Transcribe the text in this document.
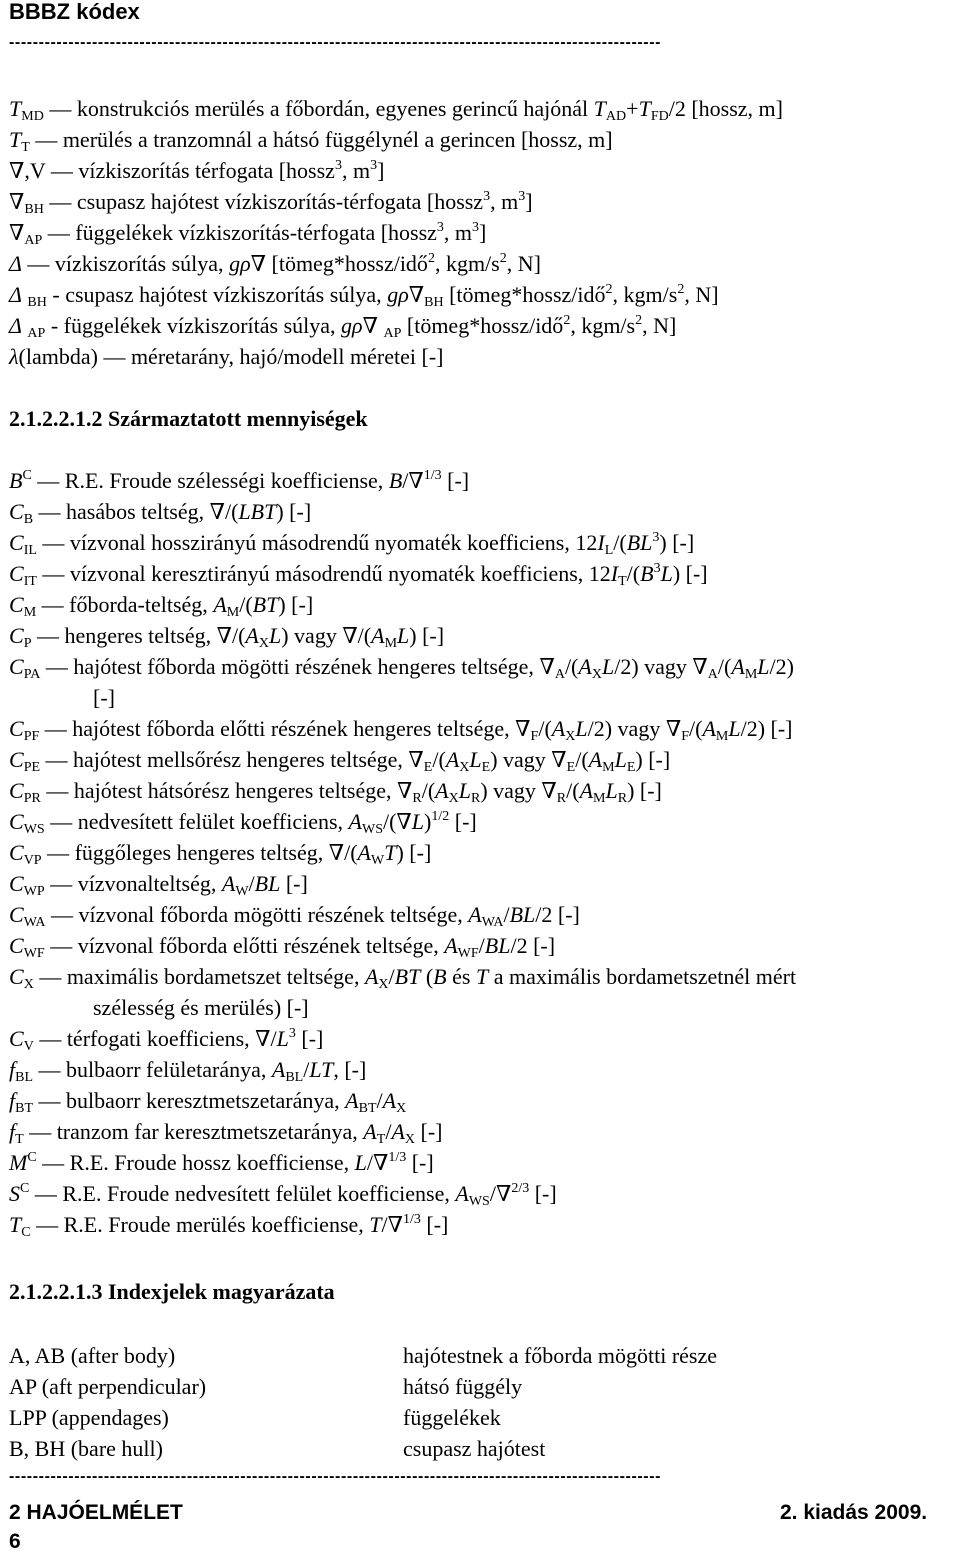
BBBZ kódex
--------------------------------------------------------------------------------------------------------------
$T_{MD}$ ― konstrukciós merülés a főbordán, egyenes gerincű hajónál $T_{AD}+T_{FD}/2$ [hossz, m]
$T_T$ ― merülés a tranzomnál a hátsó függélynél a gerincen [hossz, m]
∇,V ― vízkiszorítás térfogata [hossz$^3$, $m^3$]
$\nabla_{BH}$ ― csupasz hajótest vízkiszorítás-térfogata [hossz$^3$, $m^3$]
$\nabla_{AP}$ ― függelékek vízkiszorítás-térfogata [hossz$^3$, $m^3$]
Δ ― vízkiszorítás súlya, gρ∇ [tömeg*hossz/idő$^2$, kgm/$s^2$, N]
Δ $_{BH}$ - csupasz hajótest vízkiszorítás súlya, $g\rho\nabla_{BH}$ [tömeg*hossz/idő$^2$, kgm/$s^2$, N]
Δ $_{AP}$ - függelékek vízkiszorítás súlya, gρ∇ $_{AP}$ [tömeg*hossz/idő$^2$, kgm/$s^2$, N]
λ(lambda) ― méretarány, hajó/modell méretei [-]
2.1.2.2.1.2 Származtatott mennyiségek
$B^C$ ― R.E. Froude szélességi koefficiense, B/∇$^{1/3}$ [-]
$C_B$ ― hasábos teltség, ∇/(LBT) [-]
$C_{IL}$ ― vízvonal hosszirányú másodrendű nyomaték koefficiens, $12I_L/(BL^3)$ [-]
$C_{IT}$ ― vízvonal keresztirányú másodrendű nyomaték koefficiens, $12I_T/(B^3L)$ [-]
$C_M$ ― főborda-teltség, $A_M/(BT)$ [-]
$C_P$ ― hengeres teltség, $\nabla/(A_XL)$ vagy $\nabla/(A_ML)$ [-]
$C_{PA}$ ― hajótest főborda mögötti részének hengeres teltsége, $\nabla_A/(A_XL/2)$ vagy $\nabla_A/(A_ML/2)$
[-]
$C_{PF}$ ― hajótest főborda előtti részének hengeres teltsége, $\nabla_F/(A_XL/2)$ vagy $\nabla_F/(A_ML/2)$ [-]
$C_{PE}$ ― hajótest mellsőrész hengeres teltsége, $\nabla_E/(A_XL_E)$ vagy $\nabla_E/(A_ML_E)$ [-]
$C_{PR}$ ― hajótest hátsórész hengeres teltsége, $\nabla_R/(A_XL_R)$ vagy $\nabla_R/(A_ML_R)$ [-]
$C_{WS}$ ― nedvesített felület koefficiens, $A_{WS}/(\nabla L)^{1/2}$ [-]
$C_{VP}$ ― függőleges hengeres teltség, $\nabla/(A_WT)$ [-]
$C_{WP}$ ― vízvonalteltség, $A_W/BL$ [-]
$C_{WA}$ ― vízvonal főborda mögötti részének teltsége, $A_{WA}/BL/2$ [-]
$C_{WF}$ ― vízvonal főborda előtti részének teltsége, $A_{WF}/BL/2$ [-]
$C_X$ ― maximális bordametszet teltsége, $A_X/BT$ (B és T a maximális bordametszetnél mért
szélesség és merülés) [-]
$C_V$ ― térfogati koefficiens, $\nabla/L^3$ [-]
$f_{BL}$ ― bulbaorr felületaránya, $A_{BL}/LT$, [-]
$f_{BT}$ ― bulbaorr keresztmetszetaránya, $A_{BT}/A_X$
$f_T$ ― tranzom far keresztmetszetaránya, $A_T/A_X$ [-]
$M^C$ ― R.E. Froude hossz koefficiense, L/∇$^{1/3}$ [-]
$S^C$ ― R.E. Froude nedvesített felület koefficiense, $A_{WS}/\nabla^{2/3}$ [-]
$T_C$ ― R.E. Froude merülés koefficiense, T/∇$^{1/3}$ [-]
2.1.2.2.1.3 Indexjelek magyarázata
A, AB (after body)	hajótestnek a főborda mögötti része
AP (aft perpendicular)	hátsó függély
LPP (appendages)	függelékek
B, BH (bare hull)	csupasz hajótest
--------------------------------------------------------------------------------------------------------------
2 HAJÓELMÉLET	2. kiadás 2009.
6
